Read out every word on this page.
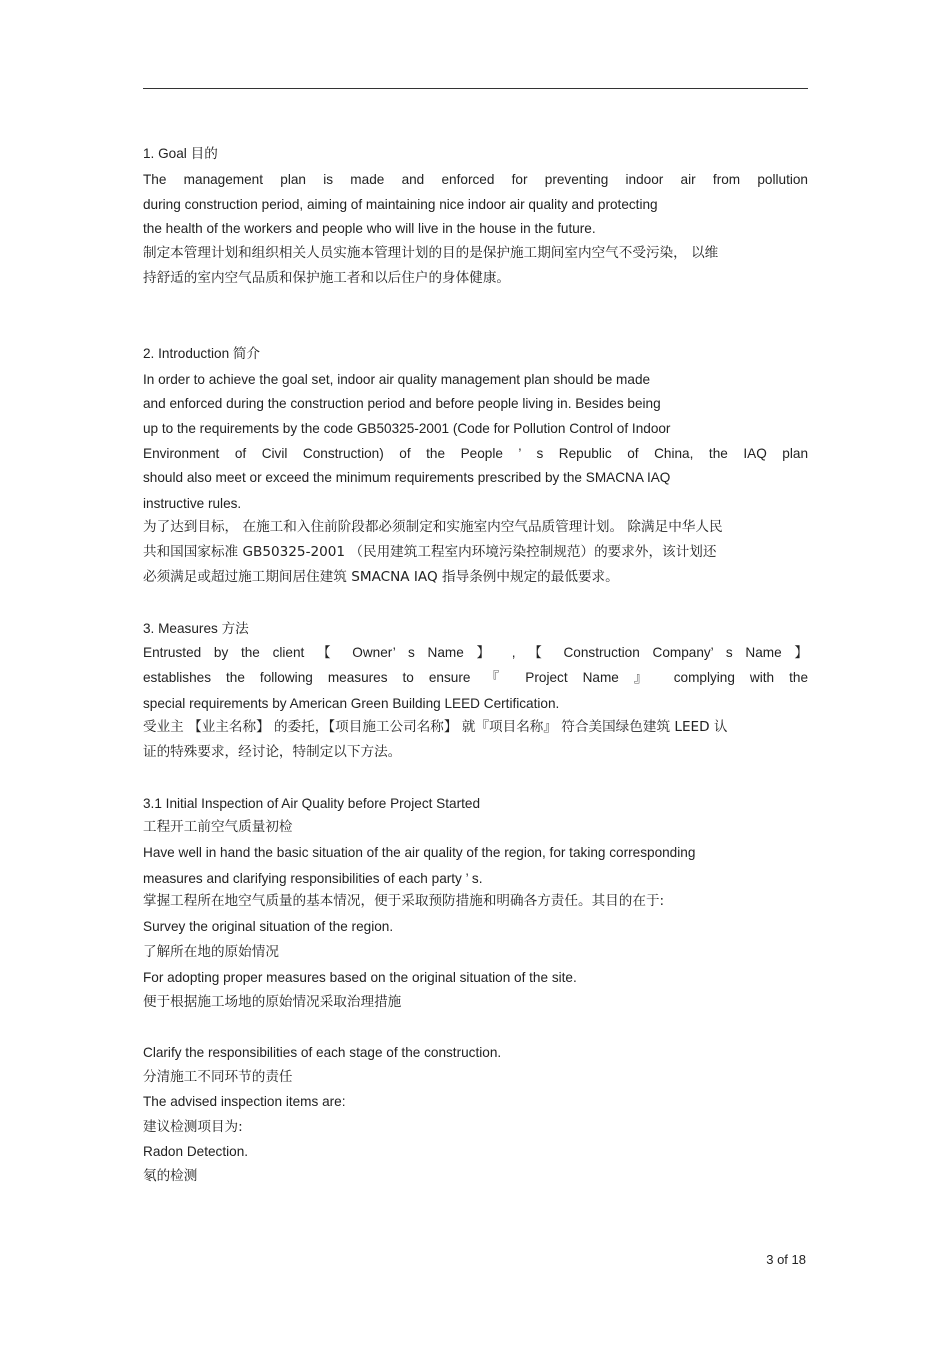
1. Goal 目的

The management plan is made and enforced for preventing indoor air from pollution

during construction period, aiming of maintaining nice indoor air quality and protecting

the health of the workers and people who will live in the house in the future.

制定本管理计划和组织相关人员实施本管理计划的目的是保护施工期间室内空气不受污染， 以维

持舒适的室内空气品质和保护施工者和以后住户的身体健康。

2. Introduction 简介

In order to achieve the goal set, indoor air quality management plan should be made

and enforced during the construction period and before people living in. Besides being

up to the requirements by the code GB50325-2001 (Code for Pollution Control of Indoor

Environment of Civil Construction) of the People ’ s Republic of China, the IAQ plan

should also meet or exceed the minimum requirements prescribed by the SMACNA IAQ

instructive rules.

为了达到目标， 在施工和入住前阶段都必须制定和实施室内空气品质管理计划。 除满足中华人民

共和国国家标准 GB50325-2001 （民用建筑工程室内环境污染控制规范）的要求外，该计划还

必须满足或超过施工期间居住建筑 SMACNA IAQ 指导条例中规定的最低要求。

3. Measures 方法

Entrusted by the client 【 Owner’ s Name 】 , 【 Construction Company’ s Name 】

establishes the following measures to ensure 『 Project Name 』 complying with the

special requirements by American Green Building LEED Certification.

受业主 【业主名称】 的委托，【项目施工公司名称】 就『项目名称』 符合美国绿色建筑 LEED 认

证的特殊要求，经讨论，特制定以下方法。

3.1 Initial Inspection of Air Quality before Project Started

工程开工前空气质量初检

Have well in hand the basic situation of the air quality of the region, for taking corresponding

measures and clarifying responsibilities of each party ’ s.

掌握工程所在地空气质量的基本情况，便于采取预防措施和明确各方责任。其目的在于:

Survey the original situation of the region.

了解所在地的原始情况

For adopting proper measures based on the original situation of the site.

便于根据施工场地的原始情况采取治理措施

Clarify the responsibilities of each stage of the construction.

分清施工不同环节的责任

The advised inspection items are:

建议检测项目为:

Radon Detection.

氡的检测

3 of 18
